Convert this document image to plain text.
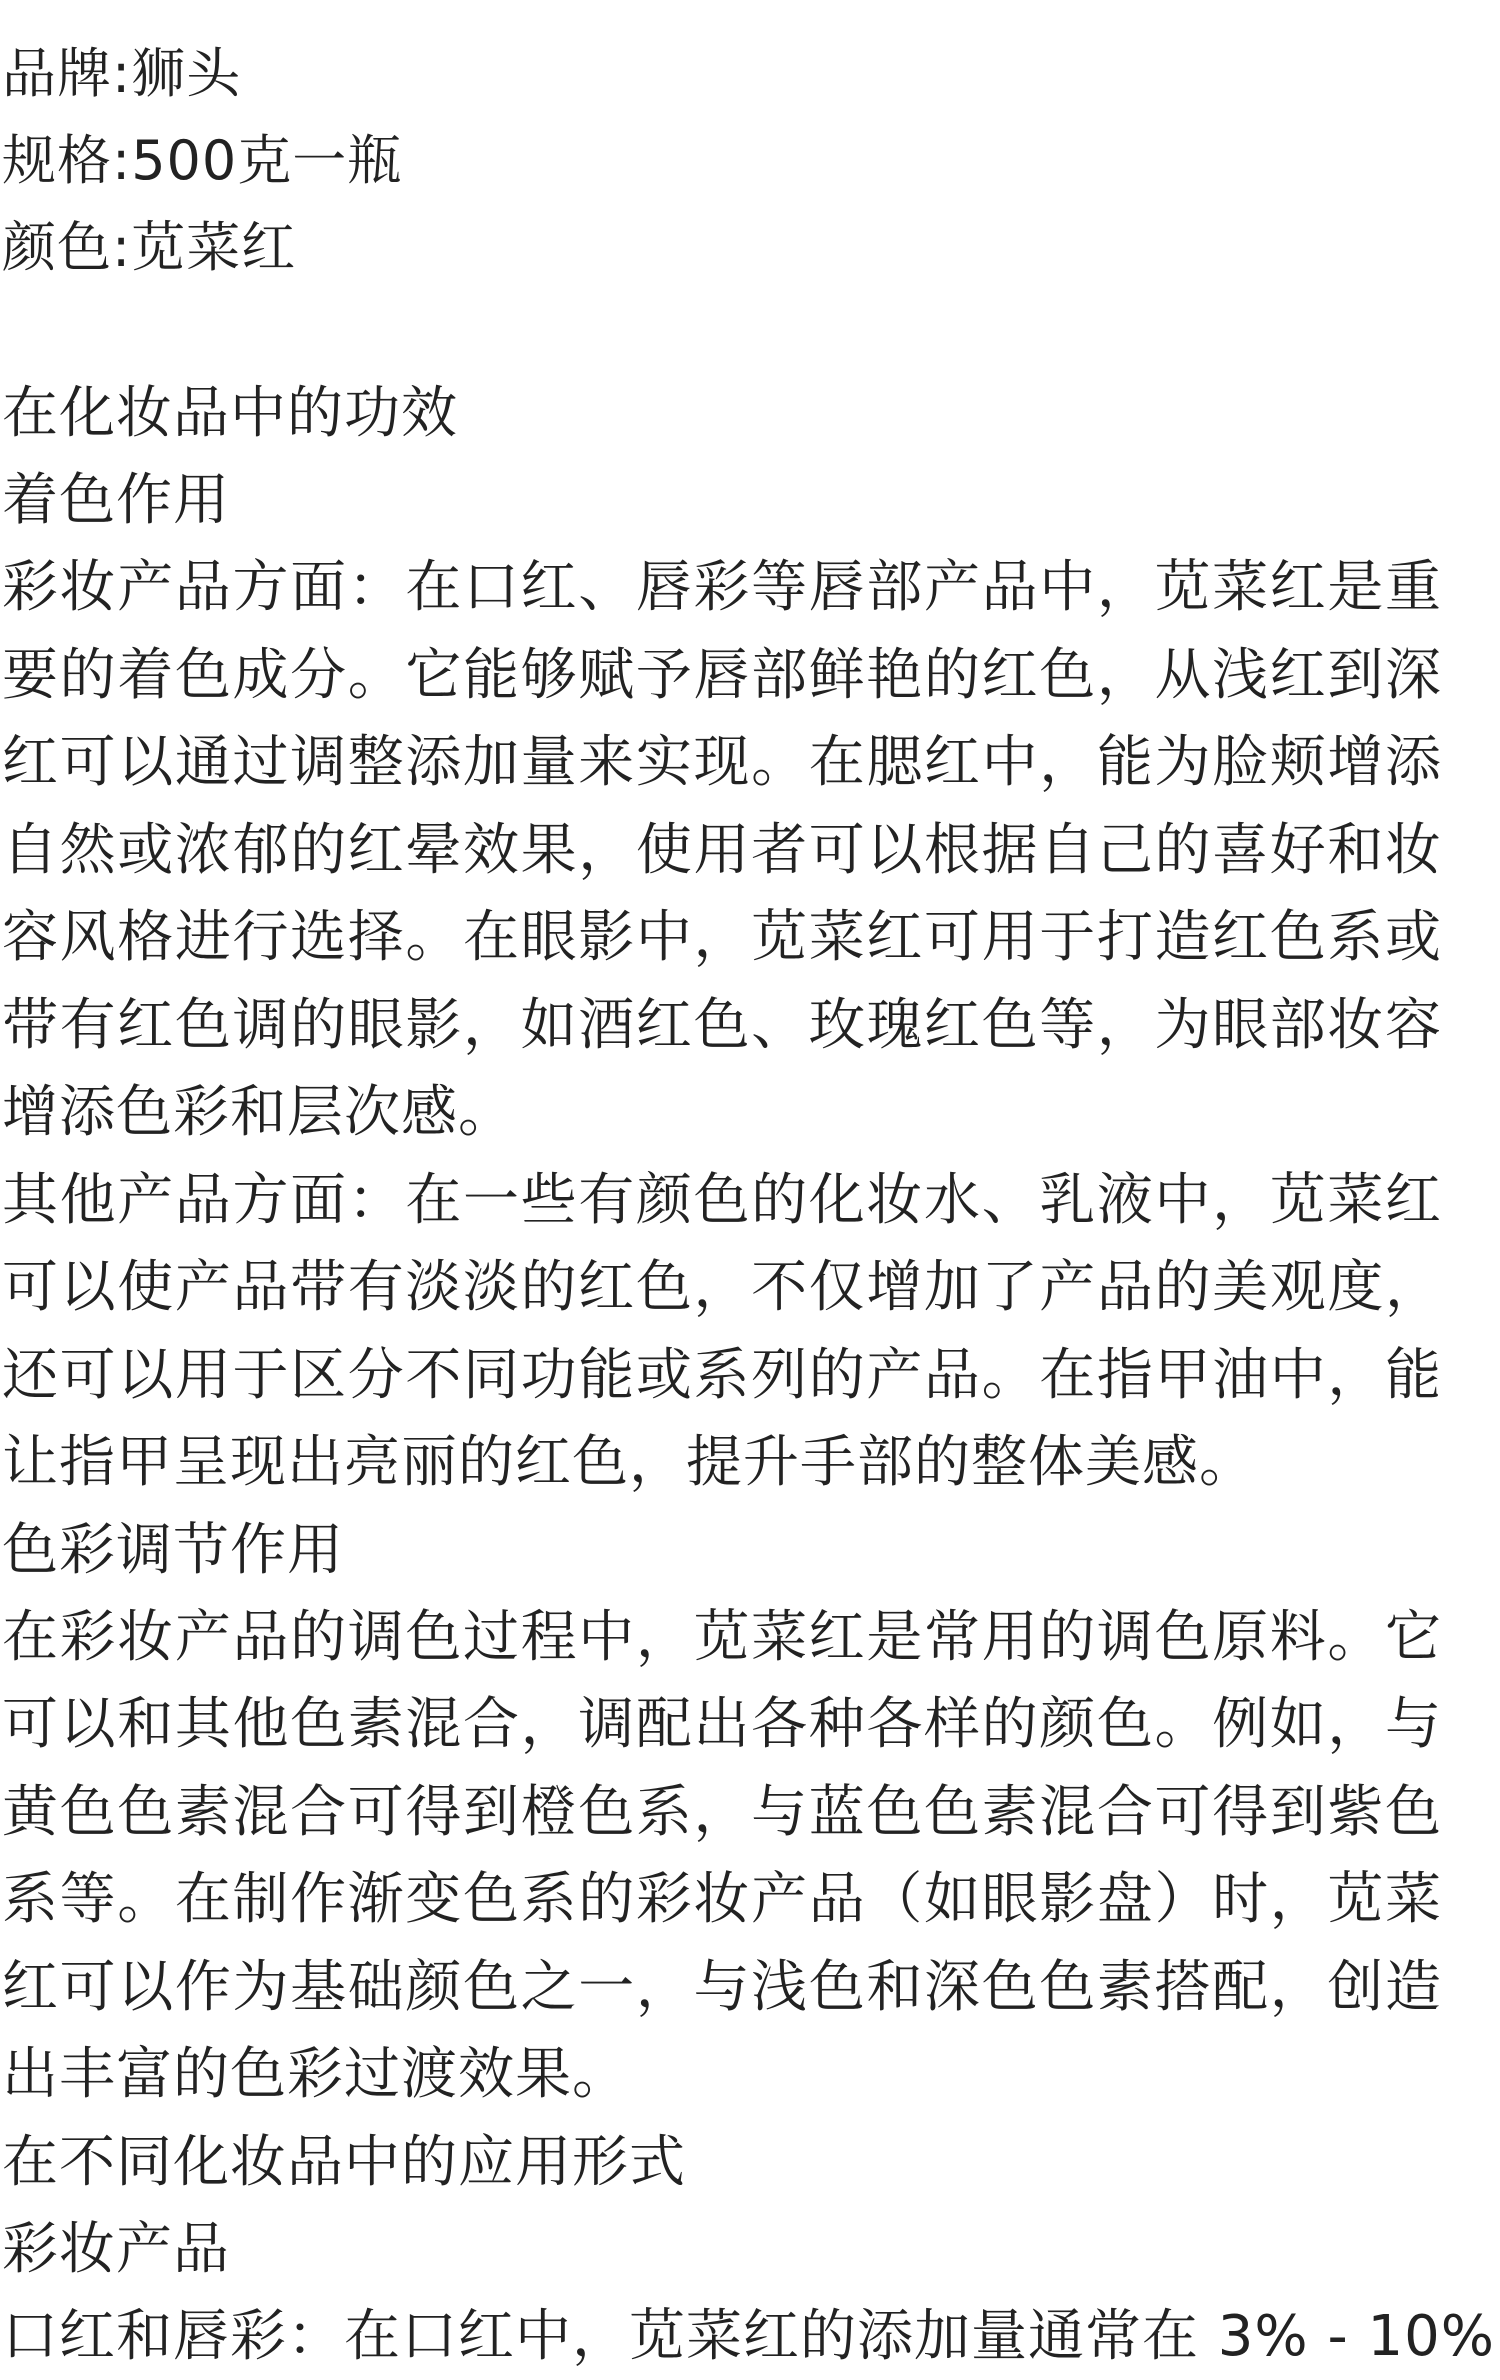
品牌:狮头
规格:500克一瓶
颜色:苋菜红
在化妆品中的功效
着色作用
彩妆产品方面：在口红、唇彩等唇部产品中，苋菜红是重要的着色成分。它能够赋予唇部鲜艳的红色，从浅红到深红可以通过调整添加量来实现。在腮红中，能为脸颊增添自然或浓郁的红晕效果，使用者可以根据自己的喜好和妆容风格进行选择。在眼影中，苋菜红可用于打造红色系或带有红色调的眼影，如酒红色、玫瑰红色等，为眼部妆容增添色彩和层次感。
其他产品方面：在一些有颜色的化妆水、乳液中，苋菜红可以使产品带有淡淡的红色，不仅增加了产品的美观度，还可以用于区分不同功能或系列的产品。在指甲油中，能让指甲呈现出亮丽的红色，提升手部的整体美感。
色彩调节作用
在彩妆产品的调色过程中，苋菜红是常用的调色原料。它可以和其他色素混合，调配出各种各样的颜色。例如，与黄色色素混合可得到橙色系，与蓝色色素混合可得到紫色系等。在制作渐变色系的彩妆产品（如眼影盘）时，苋菜红可以作为基础颜色之一，与浅色和深色色素搭配，创造出丰富的色彩过渡效果。
在不同化妆品中的应用形式
彩妆产品
口红和唇彩：在口红中，苋菜红的添加量通常在 3% - 10%
